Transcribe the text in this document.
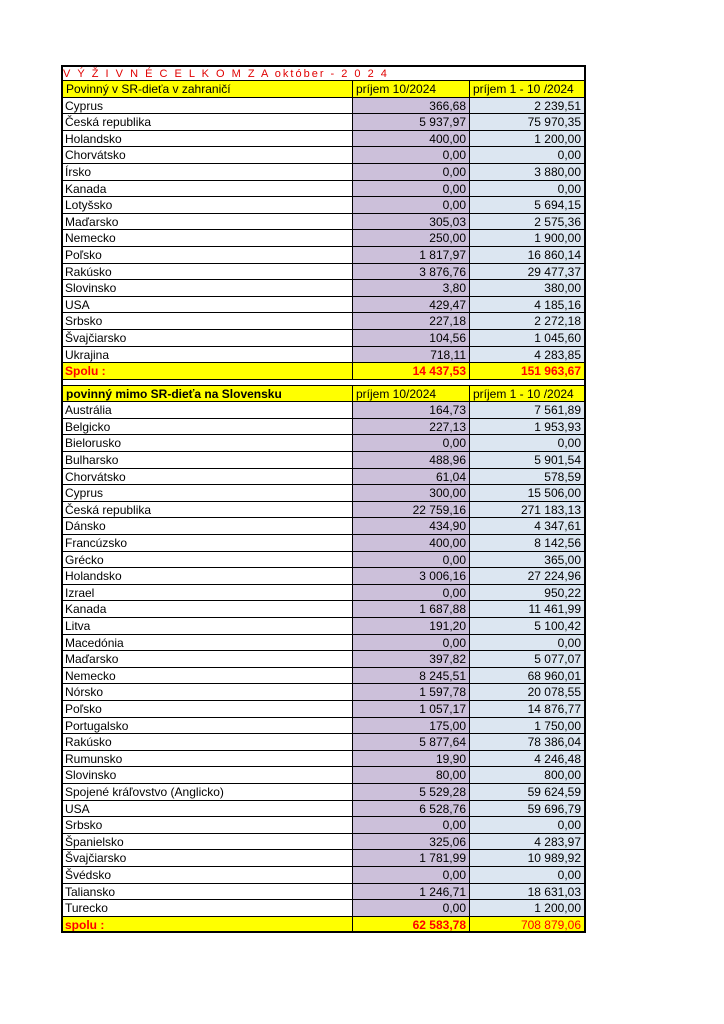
V Ý Ž I V N É C E L K O M Z A október - 2 0 2 4
Povinný v SR-dieťa v zahraničí	príjem 10/2024	príjem 1 - 10 /2024
Cyprus	366,68	2 239,51
Česká republika	5 937,97	75 970,35
Holandsko	400,00	1 200,00
Chorvátsko	0,00	0,00
Írsko	0,00	3 880,00
Kanada	0,00	0,00
Lotyšsko	0,00	5 694,15
Maďarsko	305,03	2 575,36
Nemecko	250,00	1 900,00
Poľsko	1 817,97	16 860,14
Rakúsko	3 876,76	29 477,37
Slovinsko	3,80	380,00
USA	429,47	4 185,16
Srbsko	227,18	2 272,18
Švajčiarsko	104,56	1 045,60
Ukrajina	718,11	4 283,85
Spolu :	14 437,53	151 963,67
povinný mimo SR-dieťa na Slovensku	príjem 10/2024	príjem 1 - 10 /2024
Austrália	164,73	7 561,89
Belgicko	227,13	1 953,93
Bielorusko	0,00	0,00
Bulharsko	488,96	5 901,54
Chorvátsko	61,04	578,59
Cyprus	300,00	15 506,00
Česká republika	22 759,16	271 183,13
Dánsko	434,90	4 347,61
Francúzsko	400,00	8 142,56
Grécko	0,00	365,00
Holandsko	3 006,16	27 224,96
Izrael	0,00	950,22
Kanada	1 687,88	11 461,99
Litva	191,20	5 100,42
Macedónia	0,00	0,00
Maďarsko	397,82	5 077,07
Nemecko	8 245,51	68 960,01
Nórsko	1 597,78	20 078,55
Poľsko	1 057,17	14 876,77
Portugalsko	175,00	1 750,00
Rakúsko	5 877,64	78 386,04
Rumunsko	19,90	4 246,48
Slovinsko	80,00	800,00
Spojené kráľovstvo (Anglicko)	5 529,28	59 624,59
USA	6 528,76	59 696,79
Srbsko	0,00	0,00
Španielsko	325,06	4 283,97
Švajčiarsko	1 781,99	10 989,92
Švédsko	0,00	0,00
Taliansko	1 246,71	18 631,03
Turecko	0,00	1 200,00
spolu :	62 583,78	708 879,06
